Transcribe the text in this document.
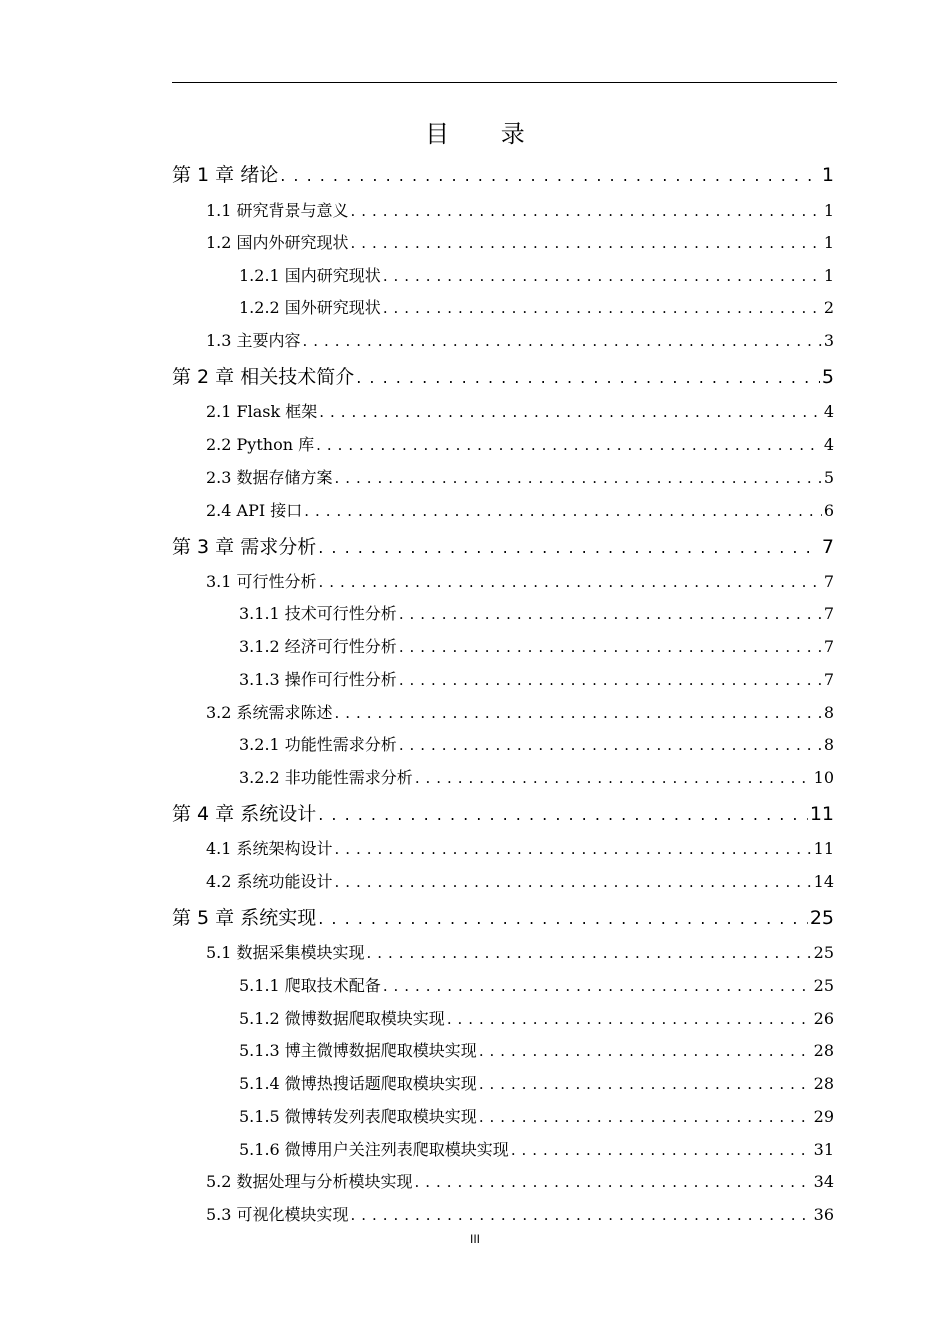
目 录
第 1 章 绪论 . . .	1
1.1 研究背景与意义 . . .	1
1.2 国内外研究现状 . . .	1
1.2.1 国内研究现状 . . .	1
1.2.2 国外研究现状 . . .	2
1.3 主要内容 . . .	3
第 2 章 相关技术简介 . . .	5
2.1 Flask 框架 . . .	4
2.2 Python 库 . . .	4
2.3 数据存储方案 . . .	5
2.4 API 接口 . . .	6
第 3 章 需求分析 . . .	7
3.1 可行性分析 . . .	7
3.1.1 技术可行性分析 . . .	7
3.1.2 经济可行性分析 . . .	7
3.1.3 操作可行性分析 . . .	7
3.2 系统需求陈述 . . .	8
3.2.1 功能性需求分析 . . .	8
3.2.2 非功能性需求分析 . . .	10
第 4 章 系统设计 . . .	11
4.1 系统架构设计 . . .	11
4.2 系统功能设计 . . .	14
第 5 章 系统实现 . . .	25
5.1 数据采集模块实现 . . .	25
5.1.1 爬取技术配备 . . .	25
5.1.2 微博数据爬取模块实现 . . .	26
5.1.3 博主微博数据爬取模块实现 . . .	28
5.1.4 微博热搜话题爬取模块实现 . . .	28
5.1.5 微博转发列表爬取模块实现 . . .	29
5.1.6 微博用户关注列表爬取模块实现 . . .	31
5.2 数据处理与分析模块实现 . . .	34
5.3 可视化模块实现 . . .	36
III
